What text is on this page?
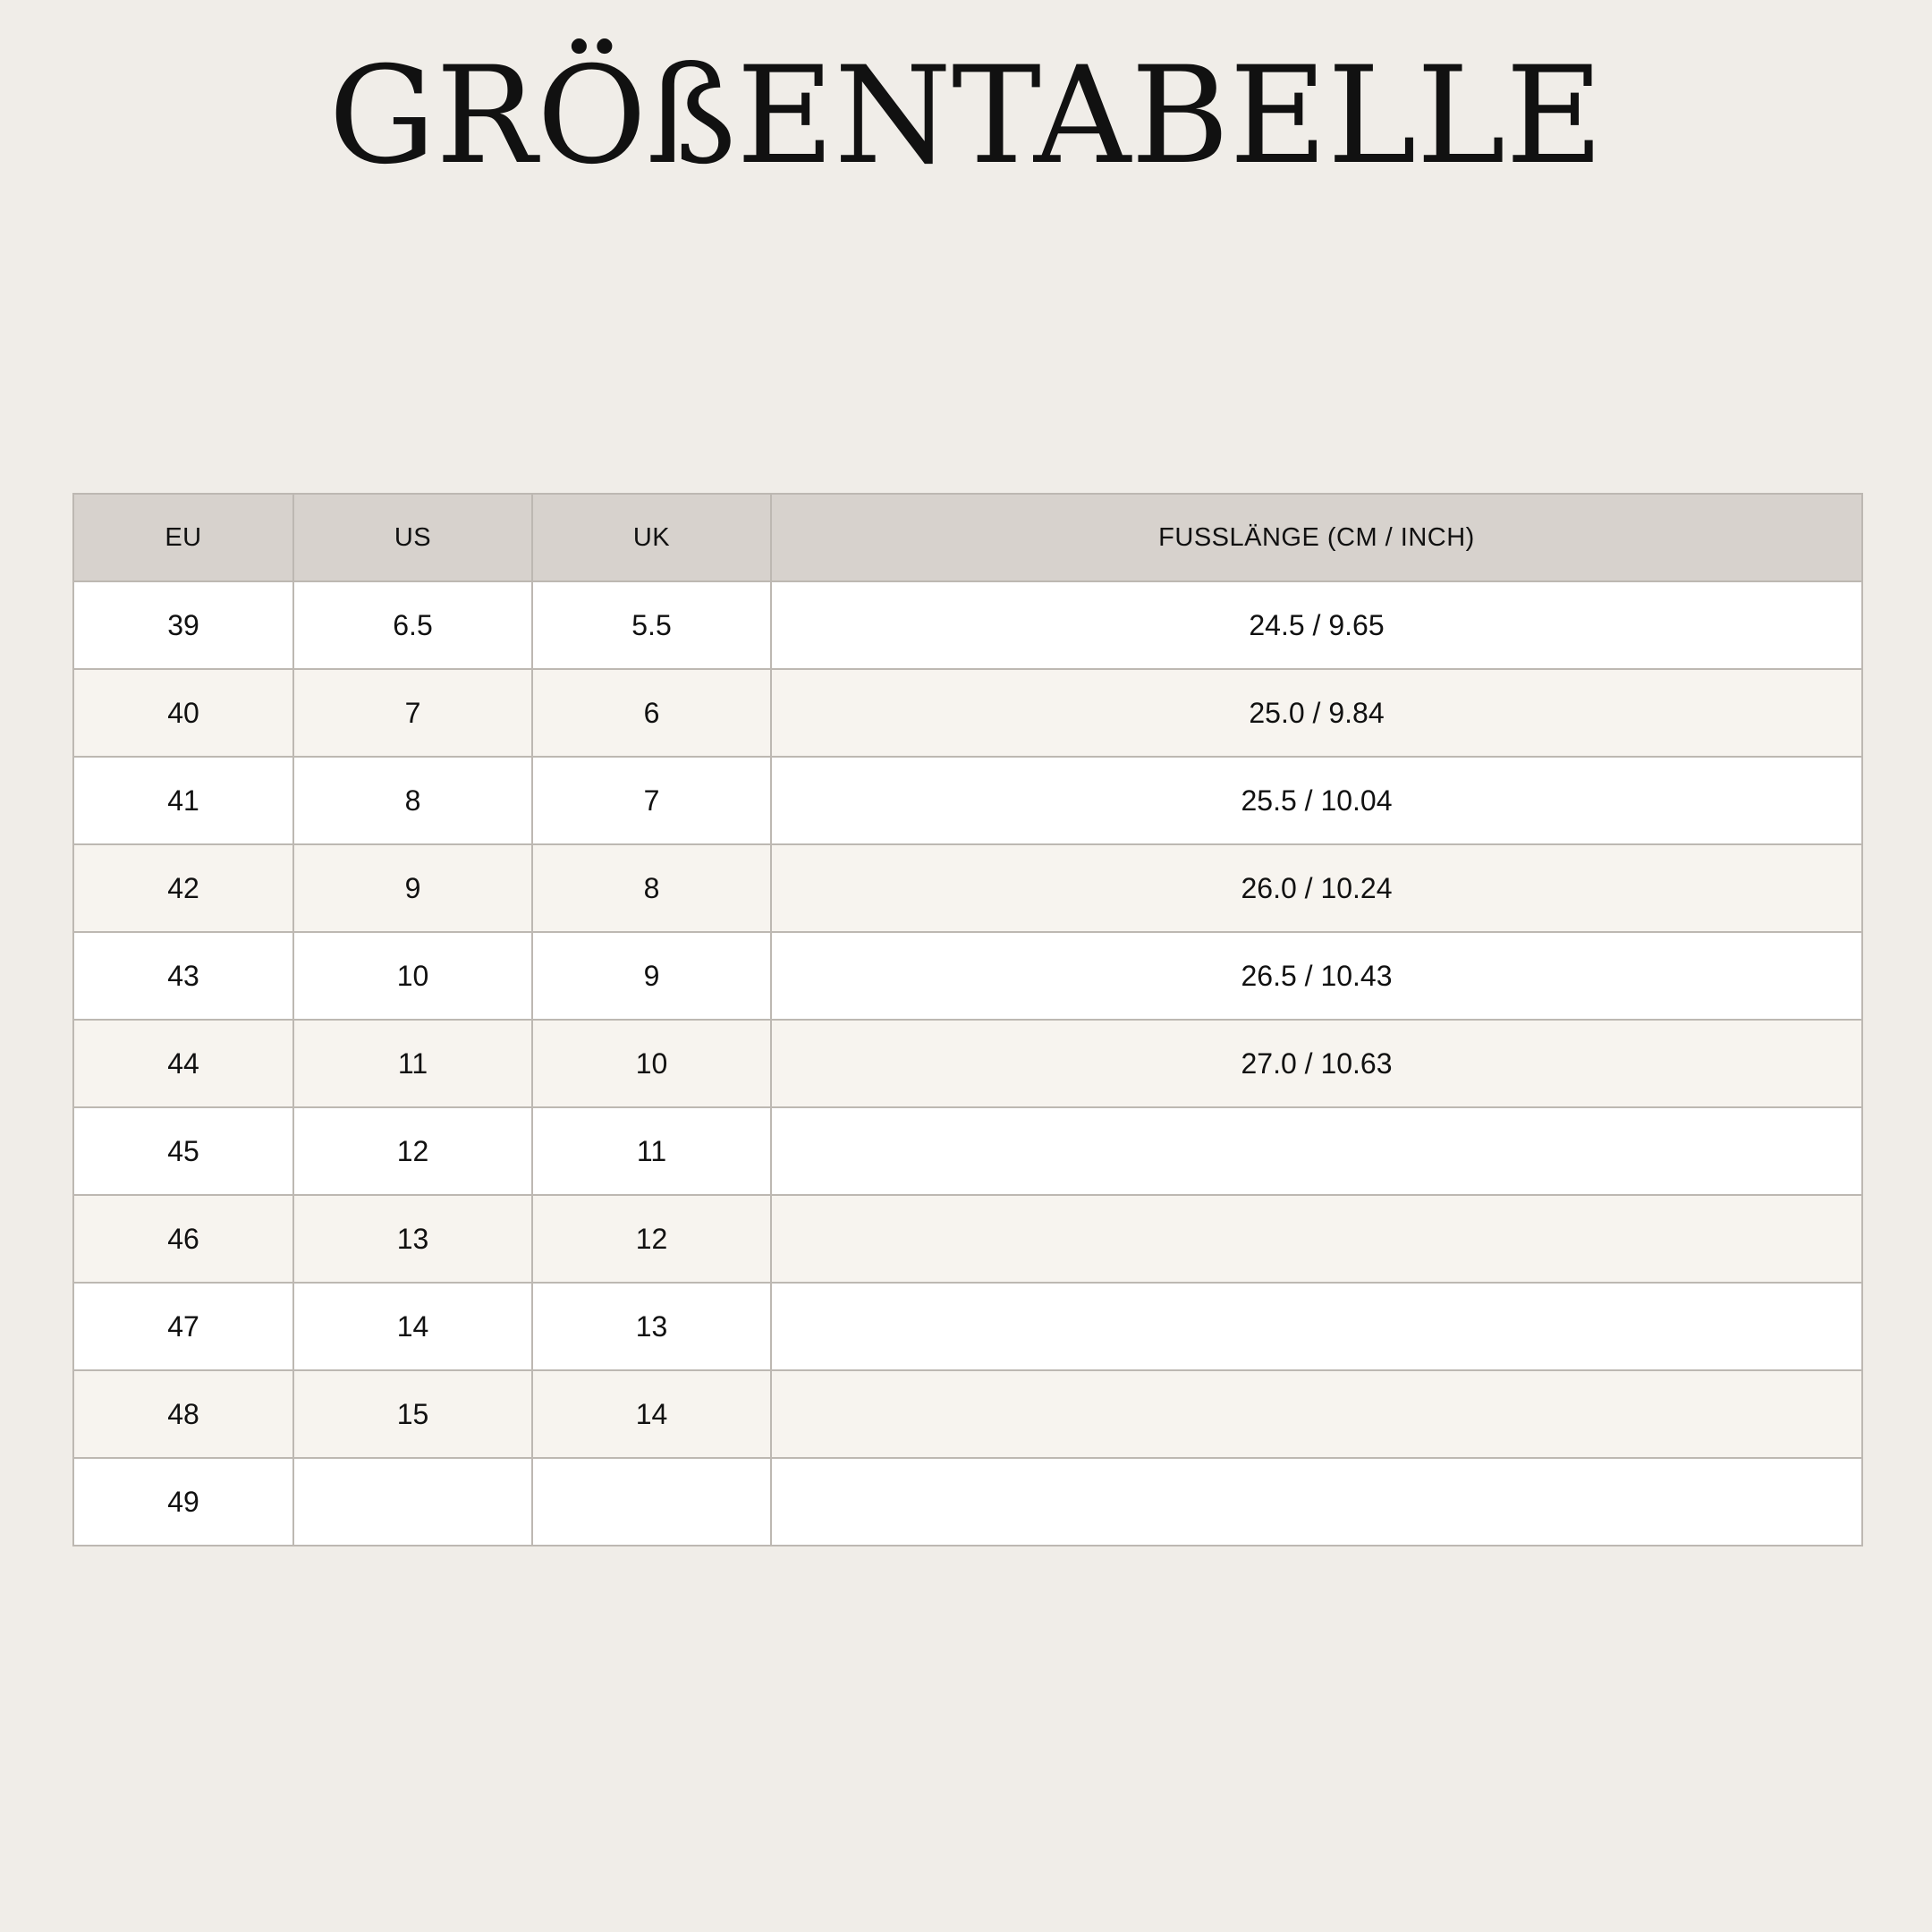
GRÖßENTABELLE
EU	US	UK	FUSSLÄNGE (CM / INCH)
39	6.5	5.5	24.5 / 9.65
40	7	6	25.0 / 9.84
41	8	7	25.5 / 10.04
42	9	8	26.0 / 10.24
43	10	9	26.5 / 10.43
44	11	10	27.0 / 10.63
45	12	11	
46	13	12	
47	14	13	
48	15	14	
49			
